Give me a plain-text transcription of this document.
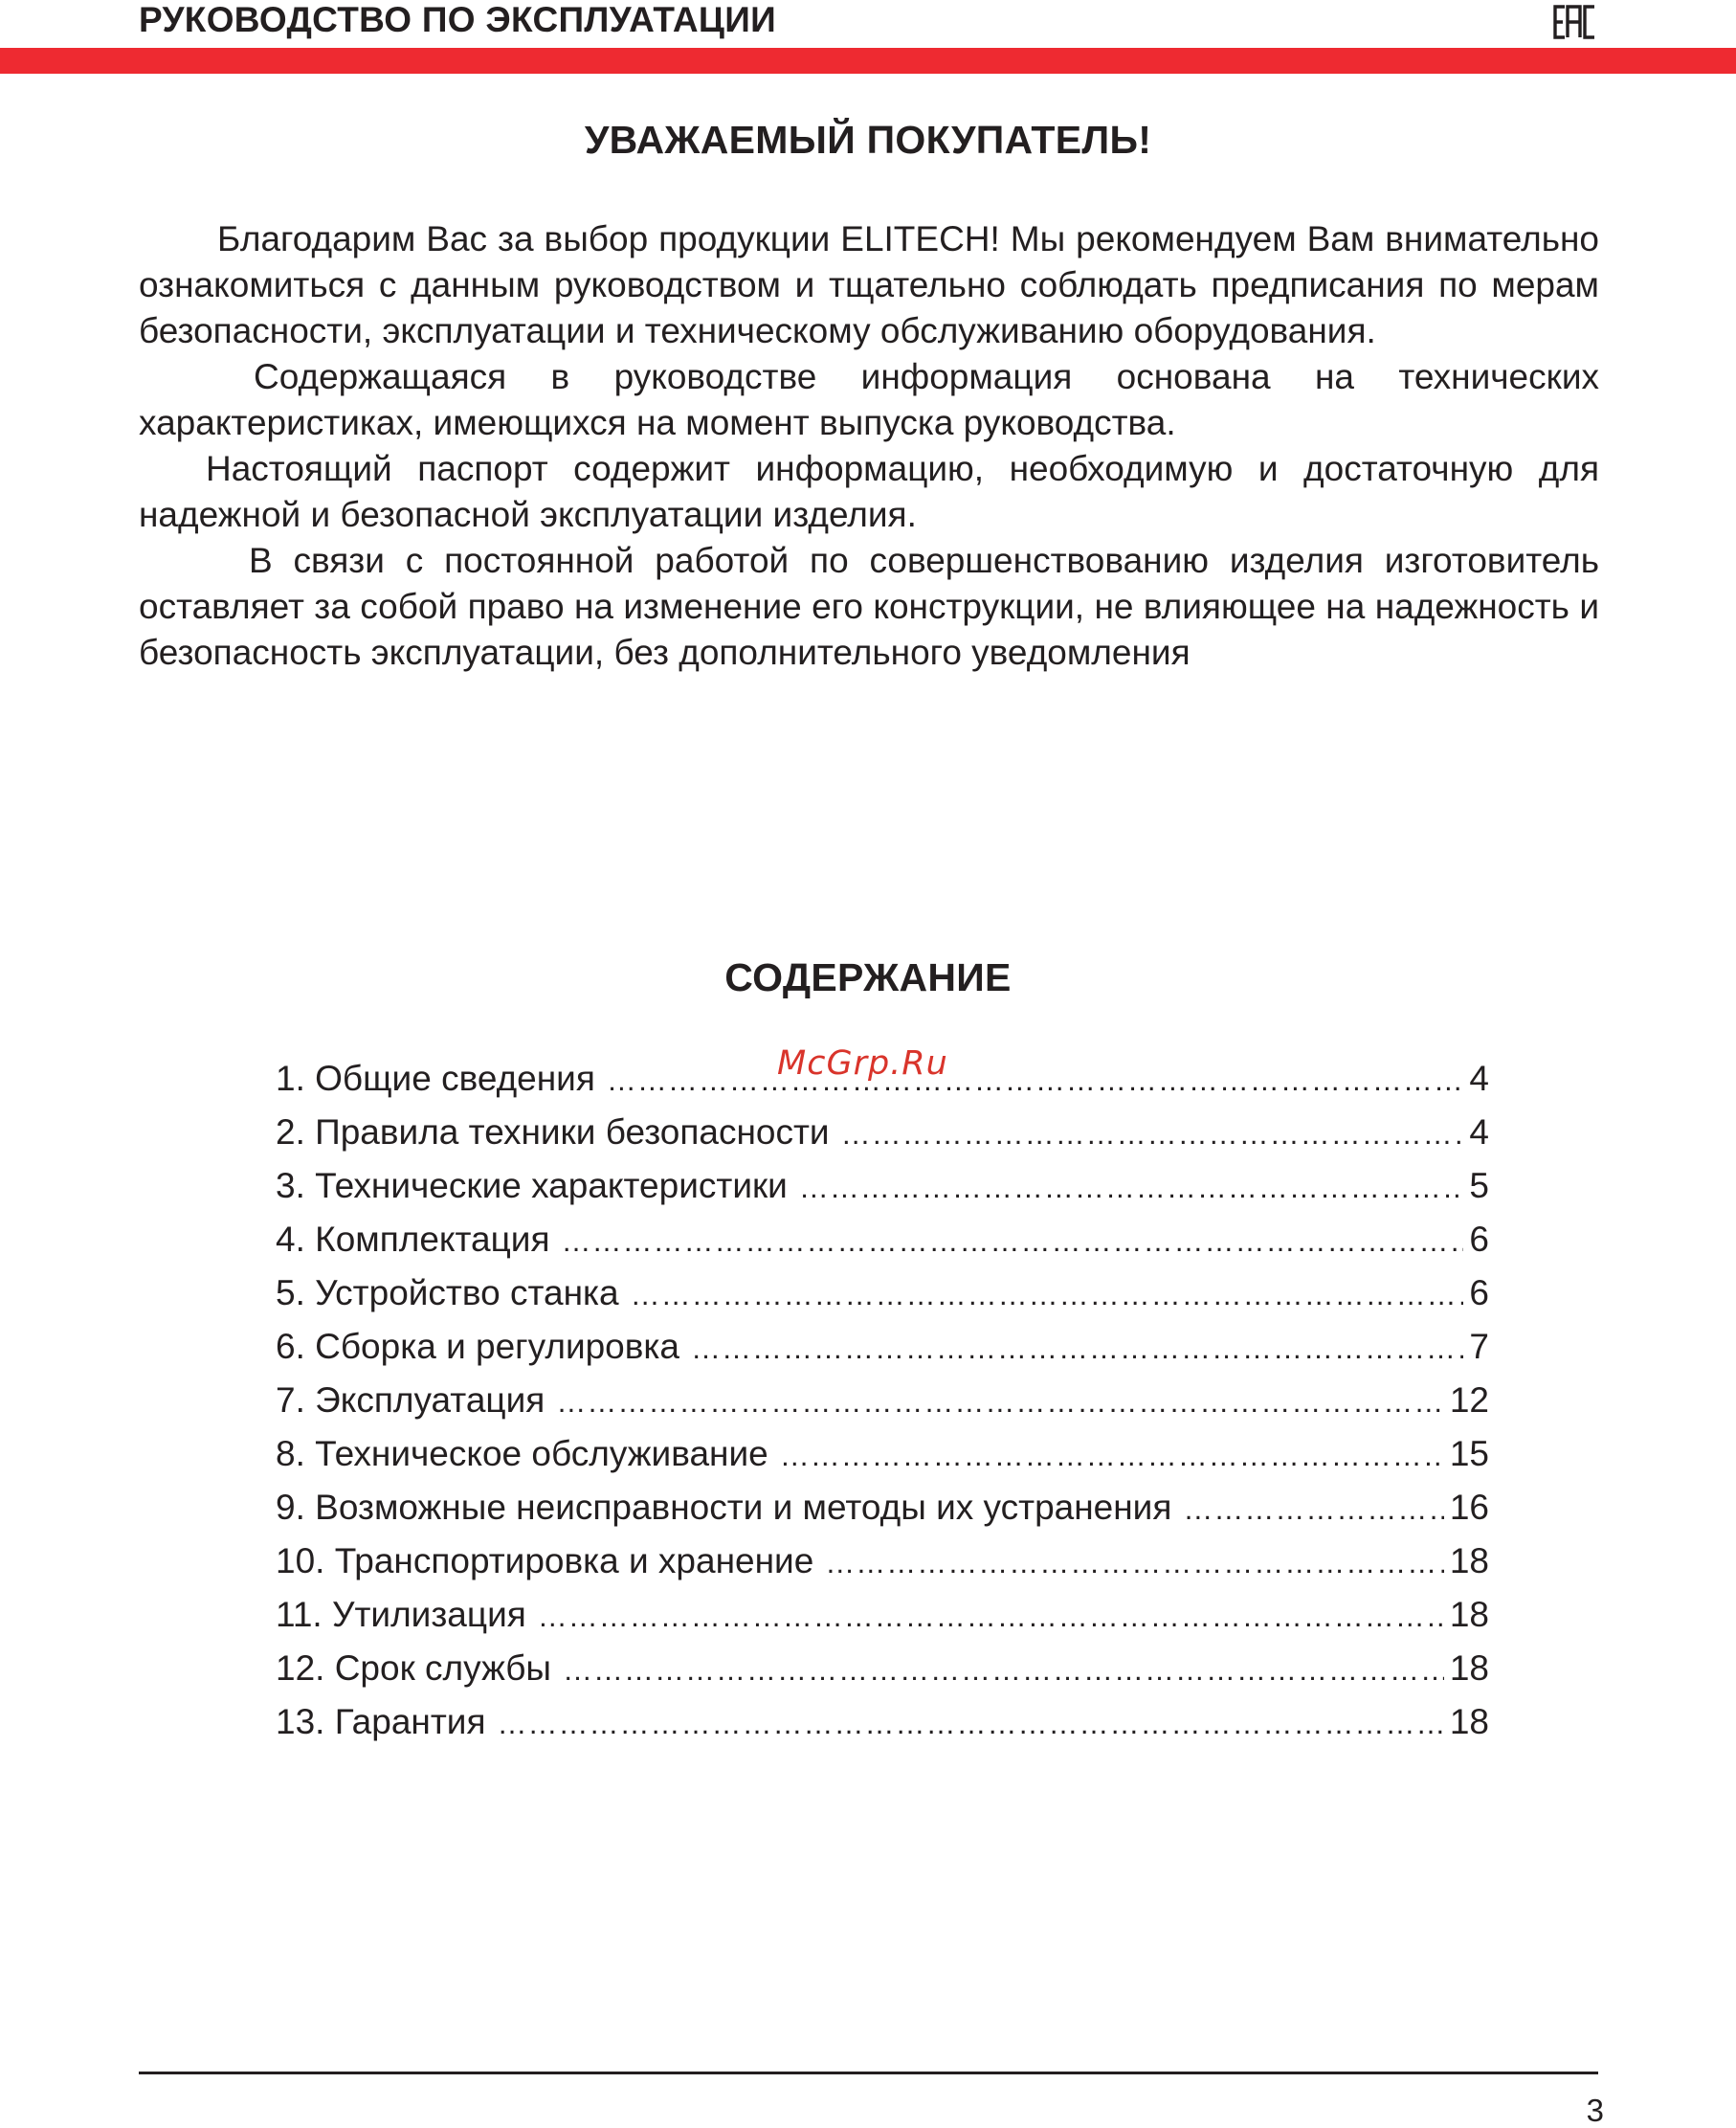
РУКОВОДСТВО ПО ЭКСПЛУАТАЦИИ
УВАЖАЕМЫЙ ПОКУПАТЕЛЬ!

Благодарим Вас за выбор продукции ELITECH! Мы рекомендуем Вам внимательно ознакомиться с данным руководством и тщательно соблюдать предписания по мерам безопасности, эксплуатации и техническому обслуживанию оборудования.

Содержащаяся в руководстве информация основана на технических характеристиках, имеющихся на момент выпуска руководства.

Настоящий паспорт содержит информацию, необходимую и достаточную для надежной и безопасной эксплуатации изделия.

В связи с постоянной работой по совершенствованию изделия изготовитель оставляет за собой право на изменение его конструкции, не влияющее на надежность и безопасность эксплуатации, без дополнительного уведомления

СОДЕРЖАНИЕ
1. Общие сведения ………………………………………………………………………………………………………………………………………………	4
2. Правила техники безопасности ………………………………………………………………………………………………………………………………………………	4
3. Технические характеристики ………………………………………………………………………………………………………………………………………………	5
4. Комплектация ………………………………………………………………………………………………………………………………………………	6
5. Устройство станка ………………………………………………………………………………………………………………………………………………	6
6. Сборка и регулировка ………………………………………………………………………………………………………………………………………………	7
7. Эксплуатация ………………………………………………………………………………………………………………………………………………	12
8. Техническое обслуживание ………………………………………………………………………………………………………………………………………………	15
9. Возможные неисправности и методы их устранения ………………………………………………………………………………………………………………………………………………	16
10. Транспортировка и хранение ………………………………………………………………………………………………………………………………………………	18
11. Утилизация ………………………………………………………………………………………………………………………………………………	18
12. Срок службы ………………………………………………………………………………………………………………………………………………	18
13. Гарантия ………………………………………………………………………………………………………………………………………………	18
McGrp.Ru
3
